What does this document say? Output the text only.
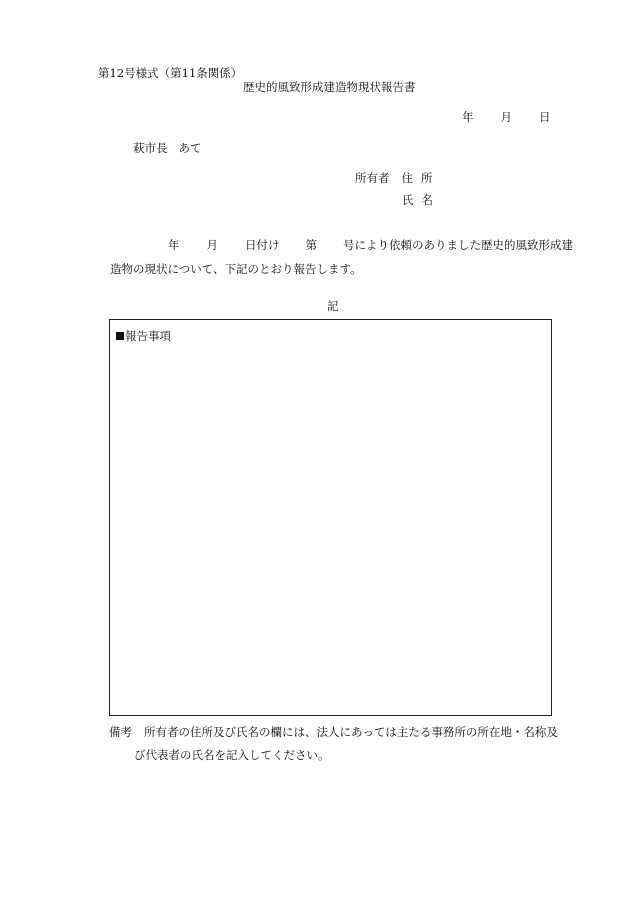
第12号様式（第11条関係）
歴史的風致形成建造物現状報告書
年 月 日
萩市長 あて
所有者 住所
氏名
年 月 日付け 第 号により依頼のありました歴史的風致形成建
造物の現状について、下記のとおり報告します。
記
報告事項
備考 所有者の住所及び氏名の欄には、法人にあっては主たる事務所の所在地・名称及
び代表者の氏名を記入してください。
